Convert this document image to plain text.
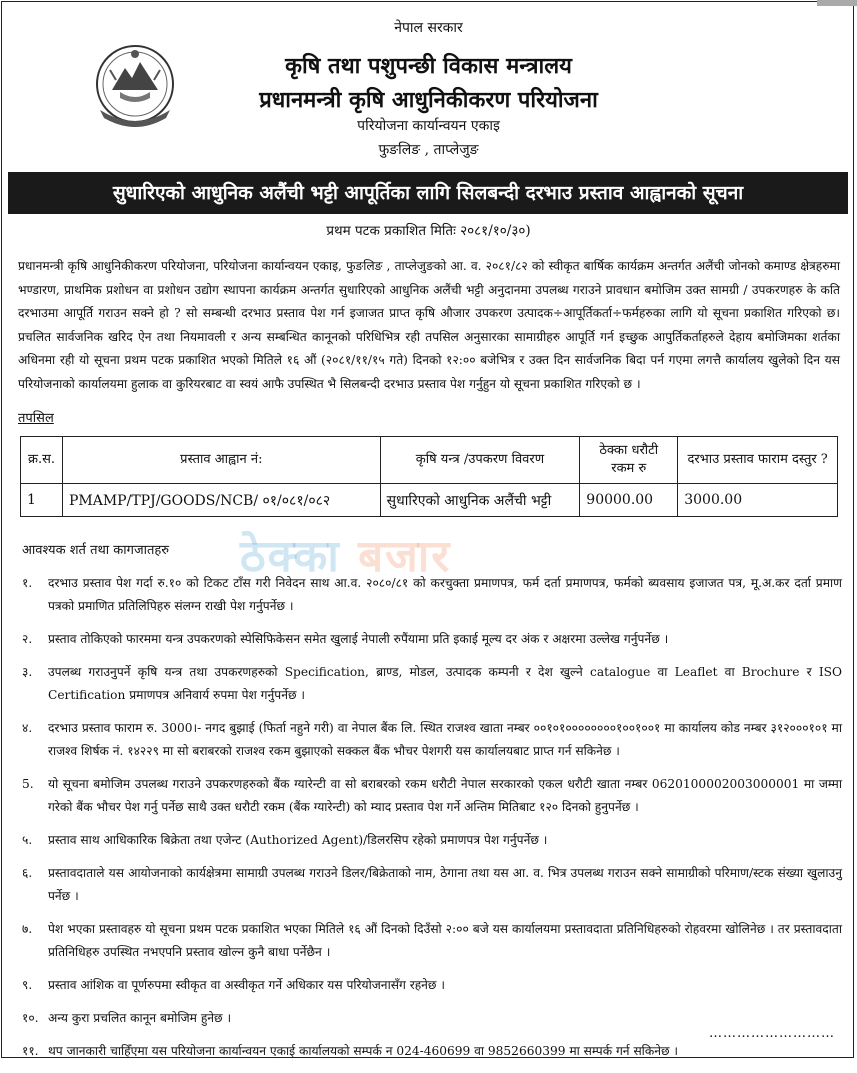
नेपाल सरकार
कृषि तथा पशुपन्छी विकास मन्त्रालय
प्रधानमन्त्री कृषि आधुनिकीकरण परियोजना
परियोजना कार्यान्वयन एकाइ
फुङलिङ , ताप्लेजुङ
सुधारिएको आधुनिक अलैंची भट्टी आपूर्तिका लागि सिलबन्दी दरभाउ प्रस्ताव आह्वानको सूचना
प्रथम पटक प्रकाशित मितिः २०८१/१०/३०)
प्रधानमन्त्री कृषि आधुनिकीकरण परियोजना, परियोजना कार्यान्वयन एकाइ, फुङलिङ , ताप्लेजुङको आ. व. २०८१/८२ को स्वीकृत बार्षिक कार्यक्रम अन्तर्गत अलैंची जोनको कमाण्ड क्षेत्रहरुमा भण्डारण, प्राथमिक प्रशोधन वा प्रशोधन उद्योग स्थापना कार्यक्रम अन्तर्गत सुधारिएको आधुनिक अलैंची भट्टी अनुदानमा उपलब्ध गराउने प्रावधान बमोजिम उक्त सामग्री / उपकरणहरु के कति दरभाउमा आपूर्ति गराउन सक्ने हो ? सो सम्बन्धी दरभाउ प्रस्ताव पेश गर्न इजाजत प्राप्त कृषि औजार उपकरण उत्पादक÷आपूर्तिकर्ता÷फर्महरुका लागि यो सूचना प्रकाशित गरिएको छ। प्रचलित सार्वजनिक खरिद ऐन तथा नियमावली र अन्य सम्बन्धित कानूनको परिधिभित्र रही तपसिल अनुसारका सामाग्रीहरु आपूर्ति गर्न इच्छुक आपुर्तिकर्ताहरुले देहाय बमोजिमका शर्तका अधिनमा रही यो सूचना प्रथम पटक प्रकाशित भएको मितिले १६ औं (२०८१/११/१५ गते) दिनको १२:०० बजेभित्र र उक्त दिन सार्वजनिक बिदा पर्न गएमा लगत्तै कार्यालय खुलेको दिन यस परियोजनाको कार्यालयमा हुलाक वा कुरियरबाट वा स्वयं आफै उपस्थित भै सिलबन्दी दरभाउ प्रस्ताव पेश गर्नुहुन यो सूचना प्रकाशित गरिएको छ ।
तपसिल
क्र.स.	प्रस्ताव आह्वान नं:	कृषि यन्त्र /उपकरण विवरण	ठेक्का धरौटी रकम रु	दरभाउ प्रस्ताव फाराम दस्तुर ?
1	PMAMP/TPJ/GOODS/NCB/ ०१/०८१/०८२	सुधारिएको आधुनिक अलैंची भट्टी	90000.00	3000.00
ठेक्का बजार
आवश्यक शर्त तथा कागजातहरु
१.	दरभाउ प्रस्ताव पेश गर्दा रु.१० को टिकट टाँस गरी निवेदन साथ आ.व. २०८०/८१ को करचुक्ता प्रमाणपत्र, फर्म दर्ता प्रमाणपत्र, फर्मको ब्यवसाय इजाजत पत्र, मू.अ.कर दर्ता प्रमाण पत्रको प्रमाणित प्रतिलिपिहरु संलग्न राखी पेश गर्नुपर्नेछ ।
२.	प्रस्ताव तोकिएको फारममा यन्त्र उपकरणको स्पेसिफिकेसन समेत खुलाई नेपाली रुपैंयामा प्रति इकाई मूल्य दर अंक र अक्षरमा उल्लेख गर्नुपर्नेछ ।
३.	उपलब्ध गराउनुपर्ने कृषि यन्त्र तथा उपकरणहरुको Specification, ब्राण्ड, मोडल, उत्पादक कम्पनी र देश खुल्ने catalogue वा Leaflet वा Brochure र ISO Certification प्रमाणपत्र अनिवार्य रुपमा पेश गर्नुपर्नेछ ।
४.	दरभाउ प्रस्ताव फाराम रु. 3000।- नगद बुझाई (फिर्ता नहुने गरी) वा नेपाल बैंक लि. स्थित राजश्व खाता नम्बर ००१०१००००००००१००१००१ मा कार्यालय कोड नम्बर ३१२०००१०१ मा राजश्व शिर्षक नं. १४२२९ मा सो बराबरको राजश्व रकम बुझाएको सक्कल बैंक भौचर पेशगरी यस कार्यालयबाट प्राप्त गर्न सकिनेछ ।
5.	यो सूचना बमोजिम उपलब्ध गराउने उपकरणहरुको बैंक ग्यारेन्टी वा सो बराबरको रकम धरौटी नेपाल सरकारको एकल धरौटी खाता नम्बर 0620100002003000001 मा जम्मा गरेको बैंक भौचर पेश गर्नु पर्नेछ साथै उक्त धरौटी रकम (बैंक ग्यारेन्टी) को म्याद प्रस्ताव पेश गर्ने अन्तिम मितिबाट १२० दिनको हुनुपर्नेछ ।
५.	प्रस्ताव साथ आधिकारिक बिक्रेता तथा एजेन्ट (Authorized Agent)/डिलरसिप रहेको प्रमाणपत्र पेश गर्नुपर्नेछ ।
६.	प्रस्तावदाताले यस आयोजनाको कार्यक्षेत्रमा सामाग्री उपलब्ध गराउने डिलर/बिक्रेताको नाम, ठेगाना तथा यस आ. व. भित्र उपलब्ध गराउन सक्ने सामाग्रीको परिमाण/स्टक संख्या खुलाउनु पर्नेछ ।
७.	पेश भएका प्रस्तावहरु यो सूचना प्रथम पटक प्रकाशित भएका मितिले १६ औं दिनको दिउँसो २:०० बजे यस कार्यालयमा प्रस्तावदाता प्रतिनिधिहरुको रोहवरमा खोलिनेछ । तर प्रस्तावदाता प्रतिनिधिहरु उपस्थित नभएपनि प्रस्ताव खोल्न कुनै बाधा पर्नेछैन ।
९.	प्रस्ताव आंशिक वा पूर्णरुपमा स्वीकृत वा अस्वीकृत गर्ने अधिकार यस परियोजनासँग रहनेछ ।
१०. अन्य कुरा प्रचलित कानून बमोजिम हुनेछ ।
११. थप जानकारी चाहिँएमा यस परियोजना कार्यान्वयन एकाई कार्यालयको सम्पर्क न 024-460699 वा 9852660399 मा सम्पर्क गर्न सकिनेछ ।
………………………
